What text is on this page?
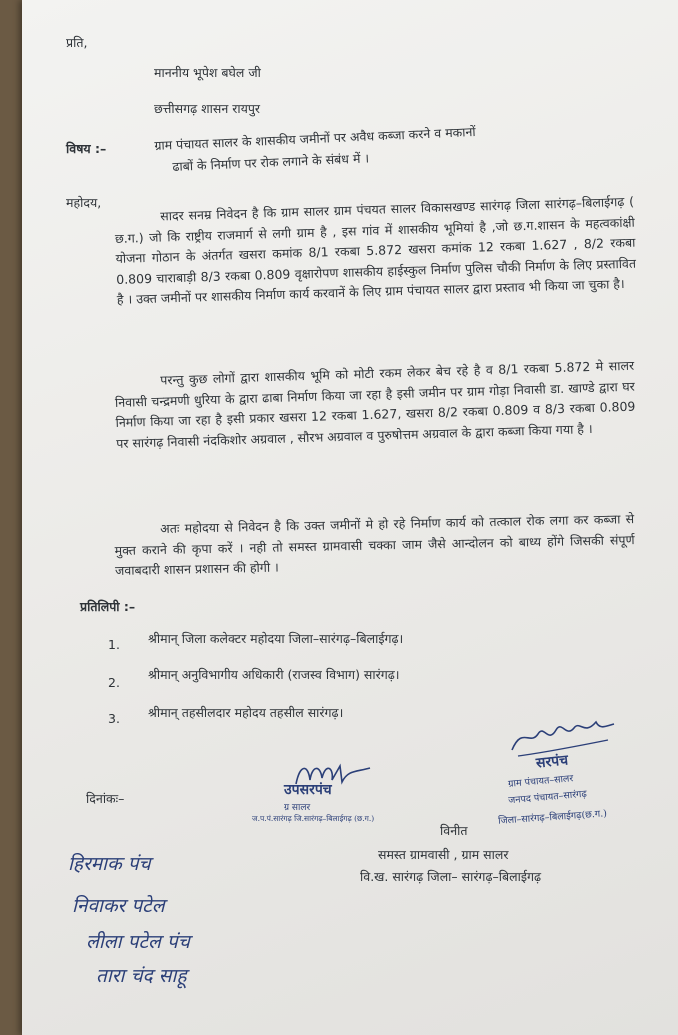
प्रति,
माननीय भूपेश बघेल जी
छत्तीसगढ़ शासन रायपुर
विषय :–	ग्राम पंचायत सालर के शासकीय जमीनों पर अवैध कब्जा करने व मकानों
ढाबों के निर्माण पर रोक लगाने के संबंध में ।
महोदय,	सादर सनम्र निवेदन है कि ग्राम सालर ग्राम पंचयत सालर विकासखण्ड सारंगढ़ जिला सारंगढ़–बिलाईगढ़ ( छ.ग.) जो कि राष्ट्रीय राजमार्ग से लगी ग्राम है , इस गांव में शासकीय भूमियां है ,जो छ.ग.शासन के महत्वकांक्षी योजना गोठान के अंतर्गत खसरा कमांक 8/1 रकबा 5.872 खसरा कमांक 12 रकबा 1.627 , 8/2 रकबा 0.809 चाराबाड़ी 8/3 रकबा 0.809 वृक्षारोपण शासकीय हाईस्कुल निर्माण पुलिस चौकी निर्माण के लिए प्रस्तावित है । उक्त जमीनों पर शासकीय निर्माण कार्य करवानें के लिए ग्राम पंचायत सालर द्वारा प्रस्ताव भी किया जा चुका है।
परन्तु कुछ लोगों द्वारा शासकीय भूमि को मोटी रकम लेकर बेच रहे है व 8/1 रकबा 5.872 मे सालर निवासी चन्द्रमणी धुरिया के द्वारा ढाबा निर्माण किया जा रहा है इसी जमीन पर ग्राम गोड़ा निवासी डा. खाण्डे द्वारा घर निर्माण किया जा रहा है इसी प्रकार खसरा 12 रकबा 1.627, खसरा 8/2 रकबा 0.809 व 8/3 रकबा 0.809 पर सारंगढ़ निवासी नंदकिशोर अग्रवाल , सौरभ अग्रवाल व पुरुषोत्तम अग्रवाल के द्वारा कब्जा किया गया है ।
अतः महोदया से निवेदन है कि उक्त जमीनों मे हो रहे निर्माण कार्य को तत्काल रोक लगा कर कब्जा से मुक्त कराने की कृपा करें । नही तो समस्त ग्रामवासी चक्का जाम जैसे आन्दोलन को बाध्य होंगे जिसकी संपूर्ण जवाबदारी शासन प्रशासन की होगी ।
प्रतिलिपी :–
1. श्रीमान् जिला कलेक्टर महोदया जिला–सारंगढ़–बिलाईगढ़।
2.
श्रीमान् अनुविभागीय अधिकारी (राजस्व विभाग) सारंगढ़।
3. श्रीमान् तहसीलदार महोदय तहसील सारंगढ़।
दिनांकः–
उपसरपंच
ग्र सालर
ज.प.पं.सारंगढ़ जि.सारंगढ़–बिलाईगढ़ (छ.ग.)
सरपंच
ग्राम पंचायत–सालर
जनपद पंचायत–सारंगढ़
जिला–सारंगढ़–बिलाईगढ़(छ.ग.)
विनीत
समस्त ग्रामवासी , ग्राम सालर
वि.ख. सारंगढ़ जिला– सारंगढ़–बिलाईगढ़
हिरमाक पंच
निवाकर पटेल
लीला पटेल पंच
तारा चंद साहू
